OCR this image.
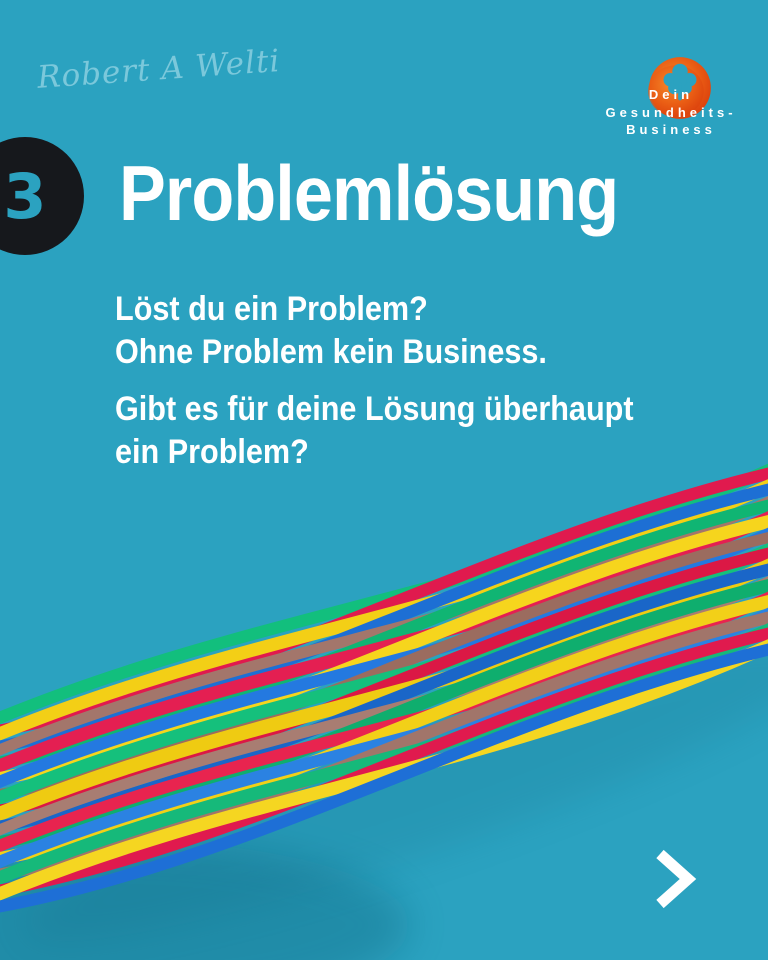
Robert A Welti	Dein
Gesundheits-
Business
3 Problemlösung
Löst du ein Problem?
Ohne Problem kein Business.
Gibt es für deine Lösung überhaupt
ein Problem?
